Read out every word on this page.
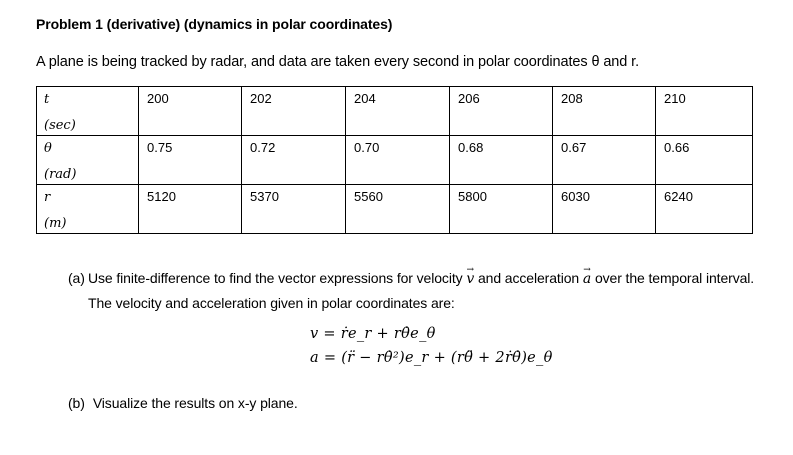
Problem 1 (derivative) (dynamics in polar coordinates)
A plane is being tracked by radar, and data are taken every second in polar coordinates θ and r.
t
(sec)	200	202	204	206	208	210
θ
(rad)	0.75	0.72	0.70	0.68	0.67	0.66
r
(m)	5120	5370	5560	5800	6030	6240
(a) Use finite-difference to find the vector expressions for velocity → v and acceleration → a over the temporal interval. The velocity and acceleration given in polar coordinates are:
v = ṙe_r + rθ̇e_θ
a = (r̈ − rθ̇²)e_r + (rθ̈ + 2ṙθ̇)e_θ
(b) Visualize the results on x-y plane.
